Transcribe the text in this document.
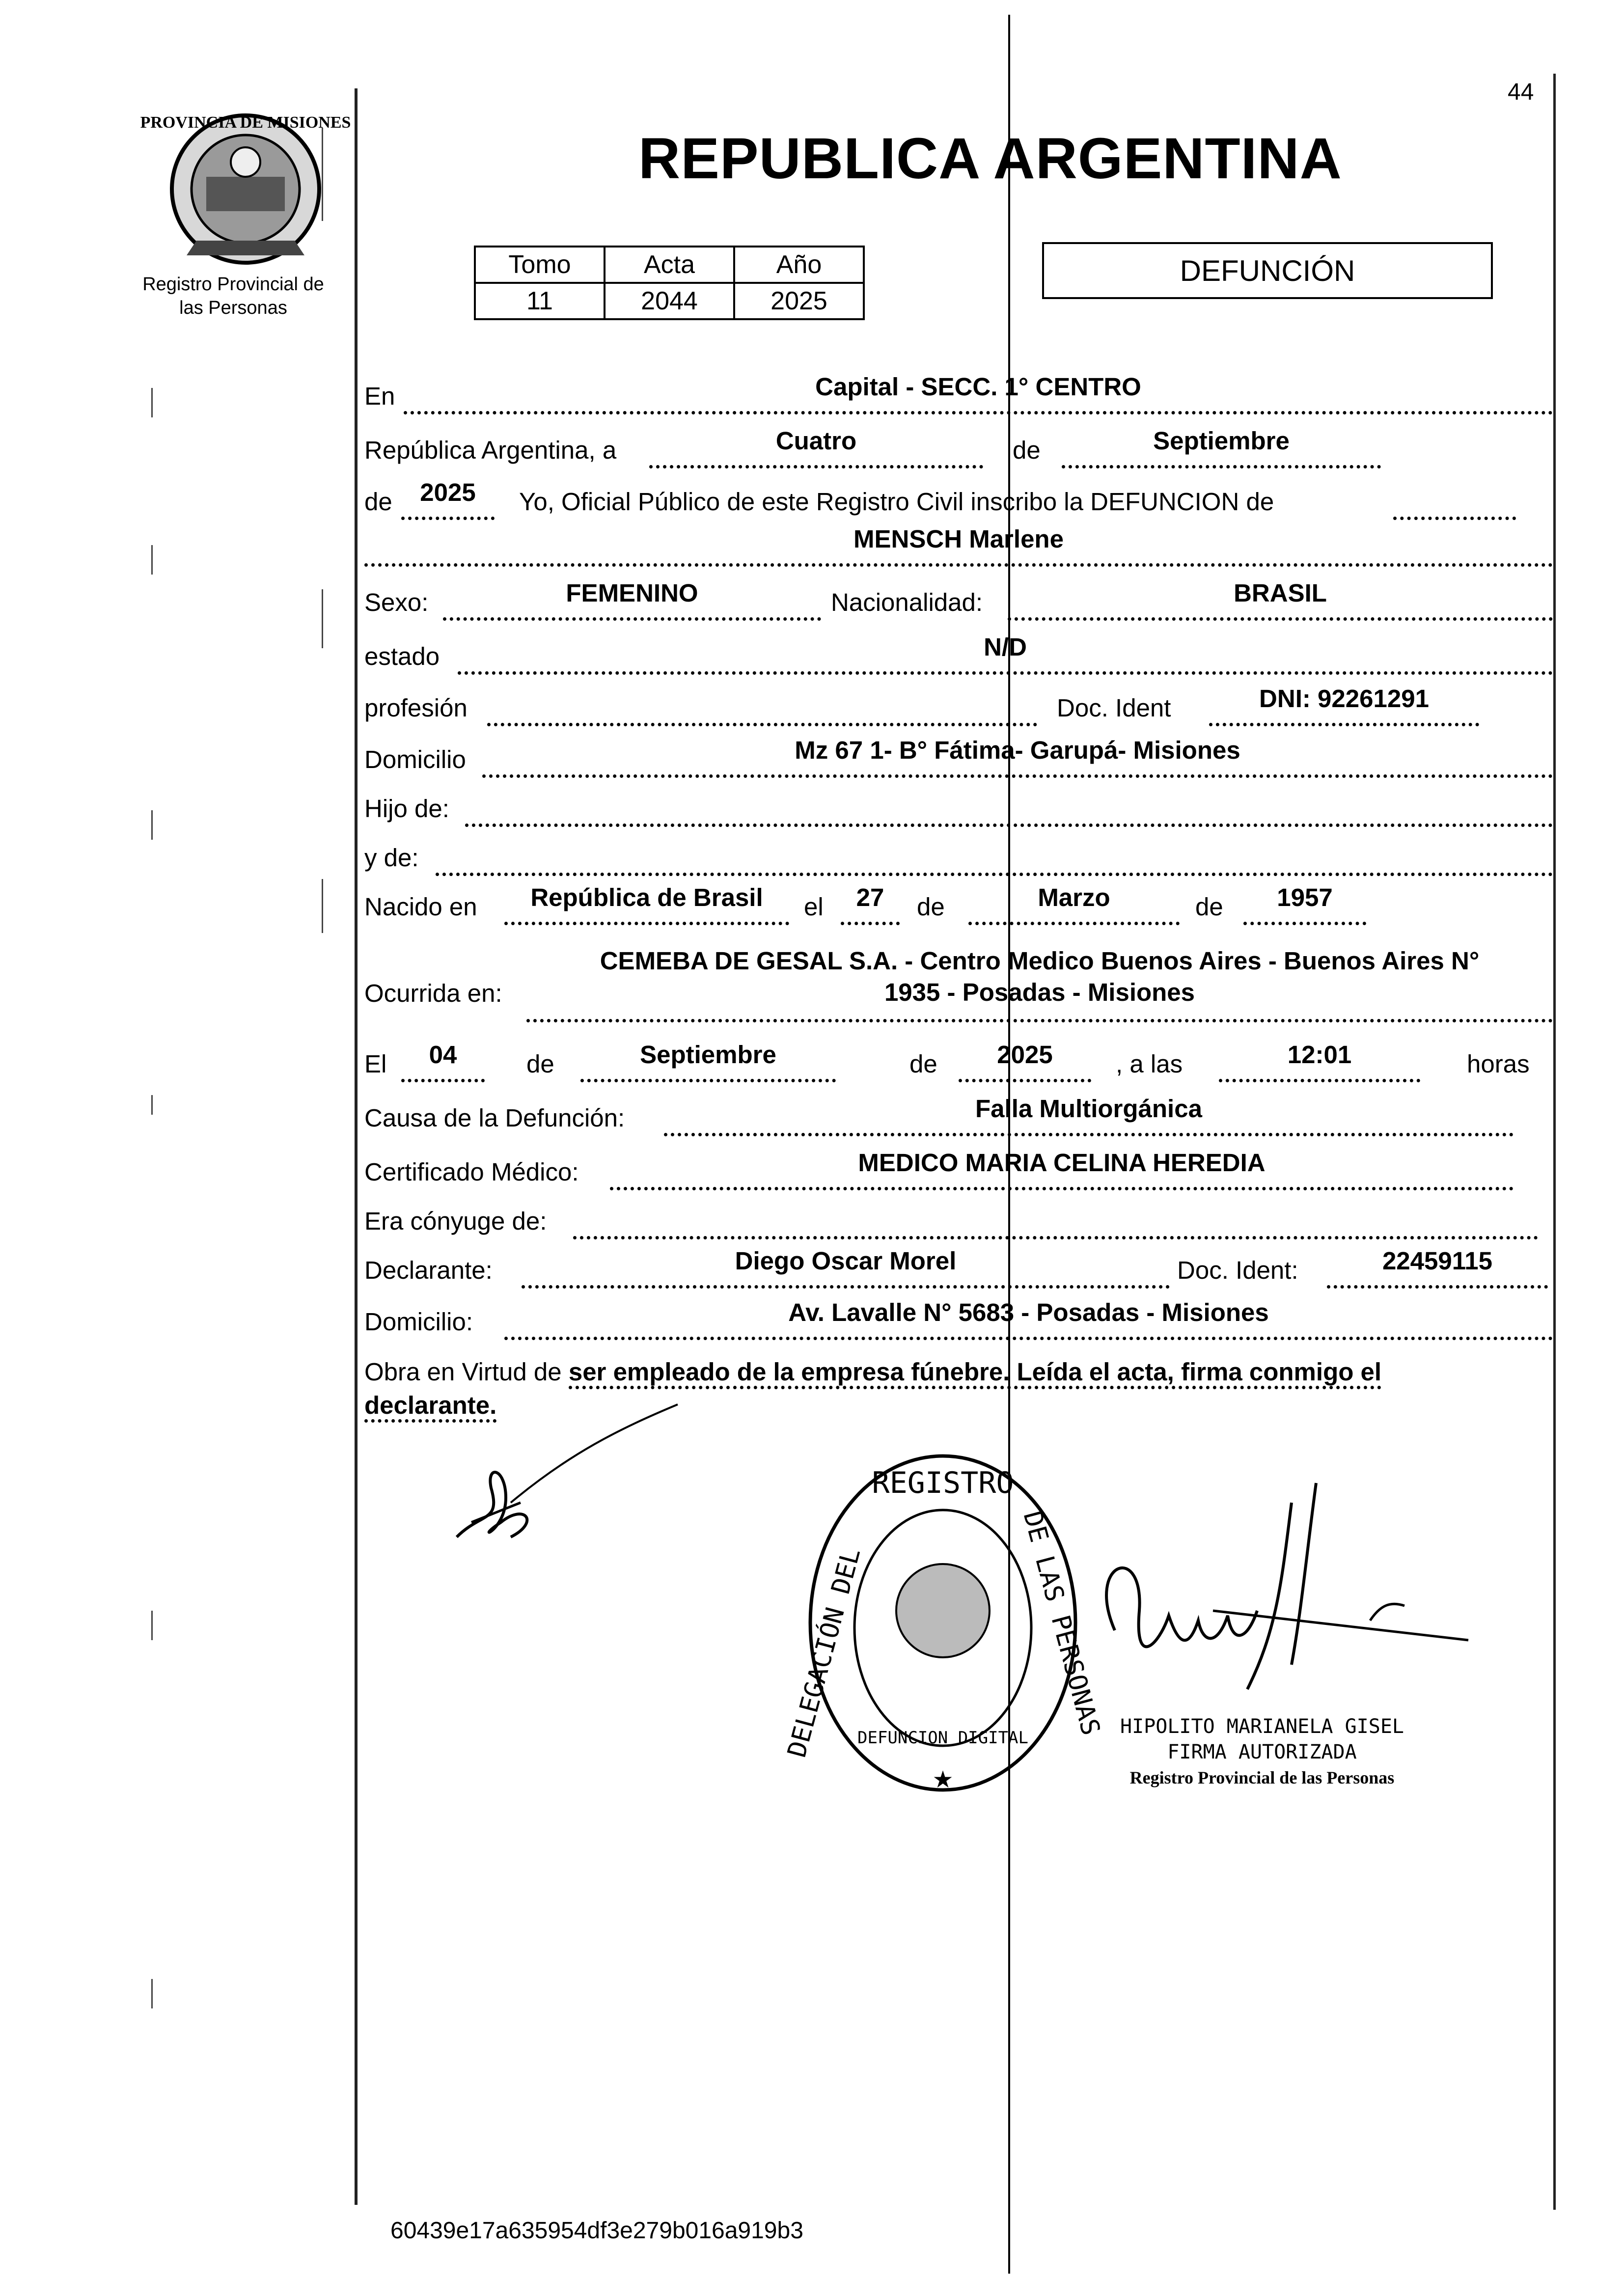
44
PROVINCIA DE MISIONES
Registro Provincial de
las Personas
REPUBLICA ARGENTINA
Tomo	Acta	Año
11	2044	2025
DEFUNCIÓN
En	Capital - SECC. 1° CENTRO
República Argentina, a	Cuatro	de	Septiembre
de	2025	Yo, Oficial Público de este Registro Civil inscribo la DEFUNCION de
MENSCH Marlene
Sexo:	FEMENINO	Nacionalidad:	BRASIL
estado	N/D
profesión	Doc. Ident	DNI: 92261291
Domicilio	Mz 67 1- B° Fátima- Garupá- Misiones
Hijo de:
y de:
Nacido en	República de Brasil	el	27	de	Marzo	de	1957
Ocurrida en:
CEMEBA DE GESAL S.A. - Centro Medico Buenos Aires - Buenos Aires N°
1935 - Posadas - Misiones
El	04	de	Septiembre	de	2025	, a las	12:01	horas
Causa de la Defunción:	Falla Multiorgánica
Certificado Médico:	MEDICO MARIA CELINA HEREDIA
Era cónyuge de:
Declarante:	Diego Oscar Morel	Doc. Ident:	22459115
Domicilio:	Av. Lavalle N° 5683 - Posadas - Misiones
Obra en Virtud de ser empleado de la empresa fúnebre. Leída el acta, firma conmigo el
declarante.
REGISTRO
DELEGACIÓN DEL	DE LAS PERSONAS
DEFUNCION DIGITAL
★
HIPOLITO MARIANELA GISEL
FIRMA AUTORIZADA
Registro Provincial de las Personas
60439e17a635954df3e279b016a919b3
